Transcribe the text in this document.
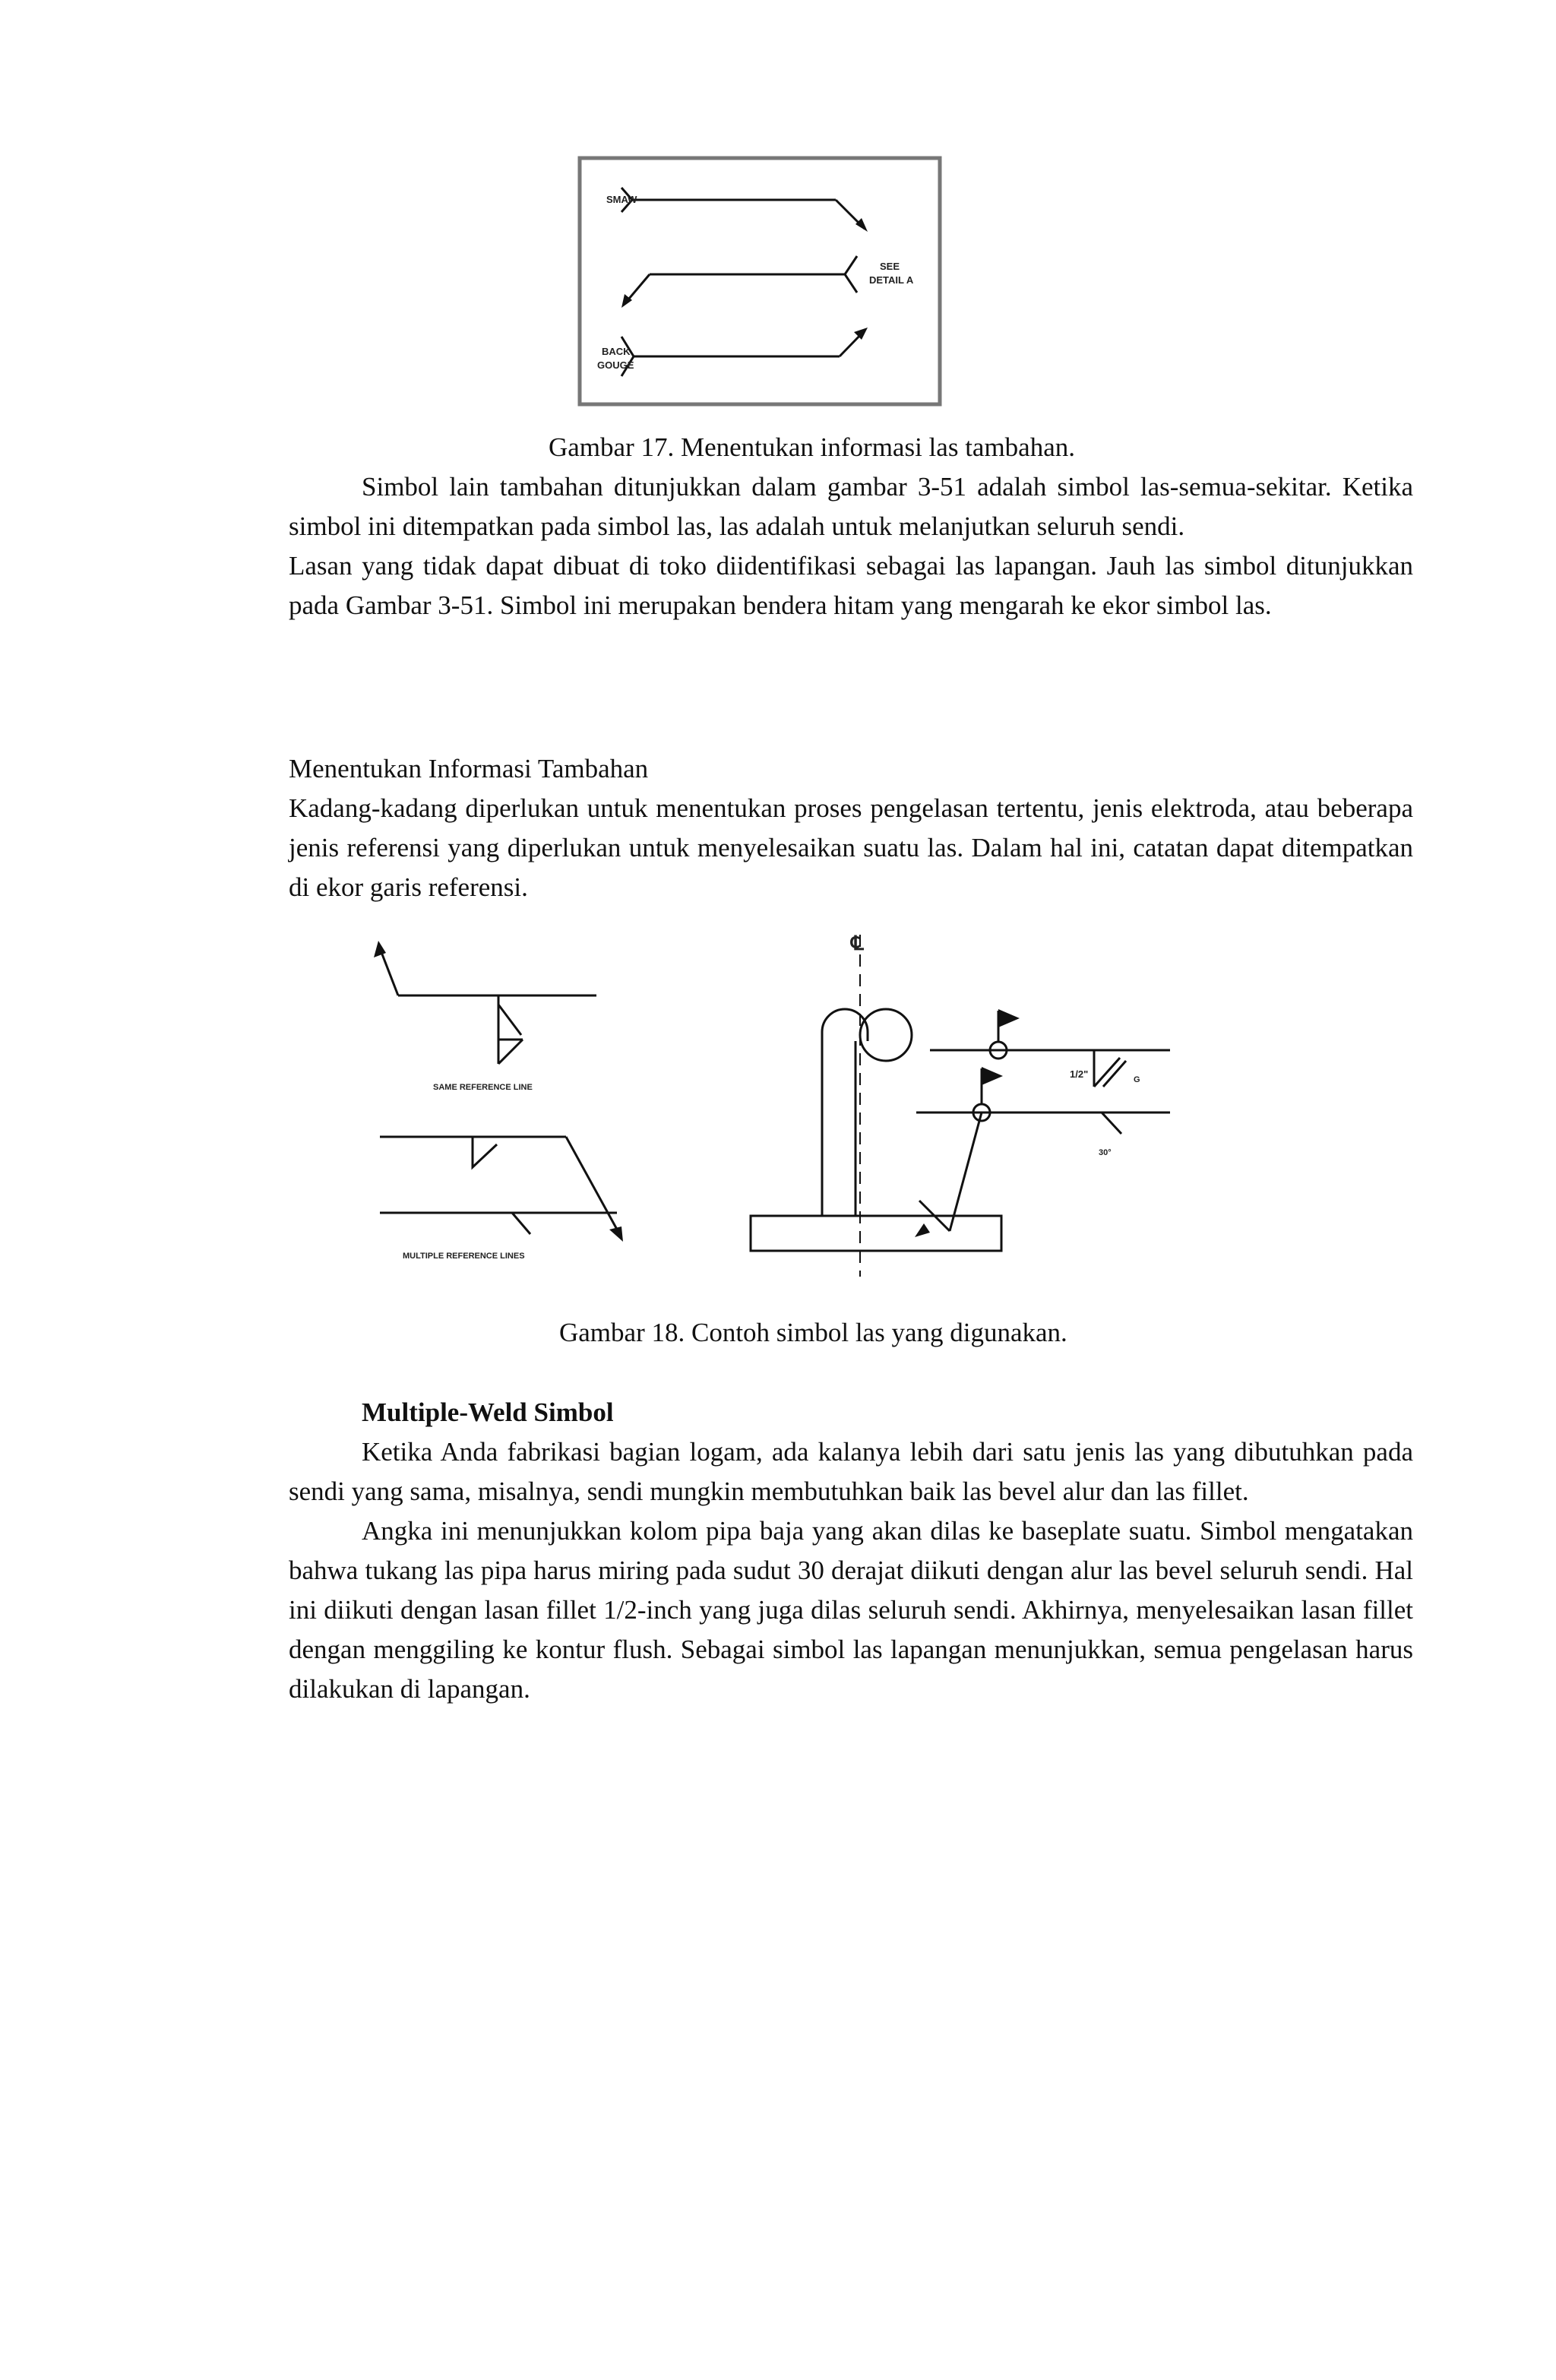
SMAW
SEE
DETAIL A
BACK
GOUGE
Gambar 17. Menentukan informasi las tambahan.

Simbol lain tambahan ditunjukkan dalam gambar 3-51 adalah simbol las-semua-sekitar. Ketika simbol ini ditempatkan pada simbol las, las adalah untuk melanjutkan seluruh sendi.

Lasan yang tidak dapat dibuat di toko diidentifikasi sebagai las lapangan. Jauh las simbol ditunjukkan pada Gambar 3-51. Simbol ini merupakan bendera hitam yang mengarah ke ekor simbol las.

Menentukan Informasi Tambahan

Kadang-kadang diperlukan untuk menentukan proses pengelasan tertentu, jenis elektroda, atau beberapa jenis referensi yang diperlukan untuk menyelesaikan suatu las. Dalam hal ini, catatan dapat ditempatkan di ekor garis referensi.

SAME REFERENCE LINE
MULTIPLE REFERENCE LINES
℄
1/2"	G
30°
Gambar 18. Contoh simbol las yang digunakan.

Multiple-Weld Simbol

Ketika Anda fabrikasi bagian logam, ada kalanya lebih dari satu jenis las yang dibutuhkan pada sendi yang sama, misalnya, sendi mungkin membutuhkan baik las bevel alur dan las fillet.

Angka ini menunjukkan kolom pipa baja yang akan dilas ke baseplate suatu. Simbol mengatakan bahwa tukang las pipa harus miring pada sudut 30 derajat diikuti dengan alur las bevel seluruh sendi. Hal ini diikuti dengan lasan fillet 1/2-inch yang juga dilas seluruh sendi. Akhirnya, menyelesaikan lasan fillet dengan menggiling ke kontur flush. Sebagai simbol las lapangan menunjukkan, semua pengelasan harus dilakukan di lapangan.
